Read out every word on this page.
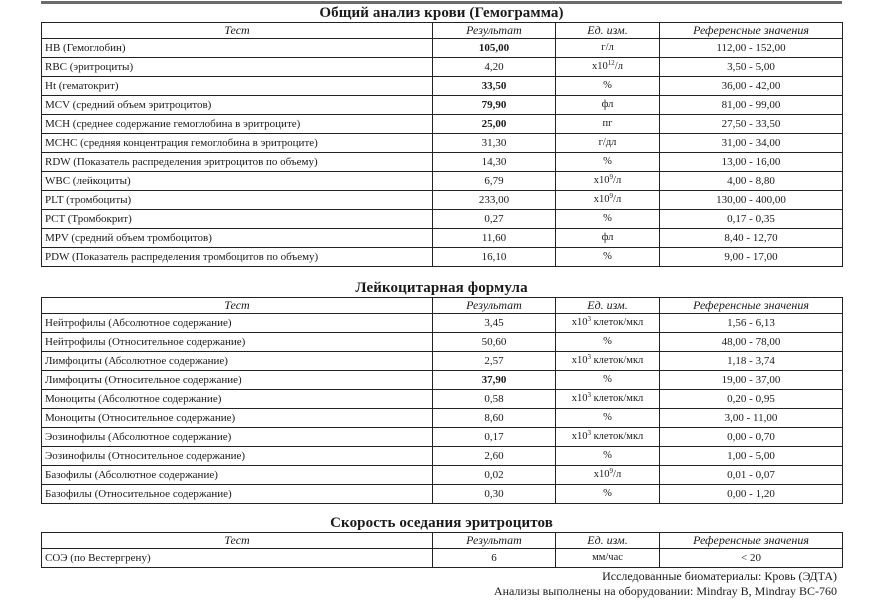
Общий анализ крови (Гемограмма)
Тест	Результат	Ед. изм.	Референсные значения
HB (Гемоглобин)	105,00	г/л	112,00 - 152,00
RBC (эритроциты)	4,20	$x10^{12}/л$	3,50 - 5,00
Ht (гематокрит)	33,50	%	36,00 - 42,00
MCV (средний объем эритроцитов)	79,90	фл	81,00 - 99,00
MCH (среднее содержание гемоглобина в эритроците)	25,00	пг	27,50 - 33,50
MCHC (средняя концентрация гемоглобина в эритроците)	31,30	г/дл	31,00 - 34,00
RDW (Показатель распределения эритроцитов по объему)	14,30	%	13,00 - 16,00
WBC (лейкоциты)	6,79	$x10^9/л$	4,00 - 8,80
PLT (тромбоциты)	233,00	$x10^9/л$	130,00 - 400,00
PCT (Тромбокрит)	0,27	%	0,17 - 0,35
MPV (средний объем тромбоцитов)	11,60	фл	8,40 - 12,70
PDW (Показатель распределения тромбоцитов по объему)	16,10	%	9,00 - 17,00
Лейкоцитарная формула
Тест	Результат	Ед. изм.	Референсные значения
Нейтрофилы (Абсолютное содержание)	3,45	$x10^3$ клеток/мкл	1,56 - 6,13
Нейтрофилы (Относительное содержание)	50,60	%	48,00 - 78,00
Лимфоциты (Абсолютное содержание)	2,57	$x10^3$ клеток/мкл	1,18 - 3,74
Лимфоциты (Относительное содержание)	37,90	%	19,00 - 37,00
Моноциты (Абсолютное содержание)	0,58	$x10^3$ клеток/мкл	0,20 - 0,95
Моноциты (Относительное содержание)	8,60	%	3,00 - 11,00
Эозинофилы (Абсолютное содержание)	0,17	$x10^3$ клеток/мкл	0,00 - 0,70
Эозинофилы (Относительное содержание)	2,60	%	1,00 - 5,00
Базофилы (Абсолютное содержание)	0,02	$x10^9/л$	0,01 - 0,07
Базофилы (Относительное содержание)	0,30	%	0,00 - 1,20
Скорость оседания эритроцитов
Тест	Результат	Ед. изм.	Референсные значения
СОЭ (по Вестергрену)	6	мм/час	< 20
Исследованные биоматериалы: Кровь (ЭДТА)
Анализы выполнены на оборудовании: Mindray B, Mindray BC-760
